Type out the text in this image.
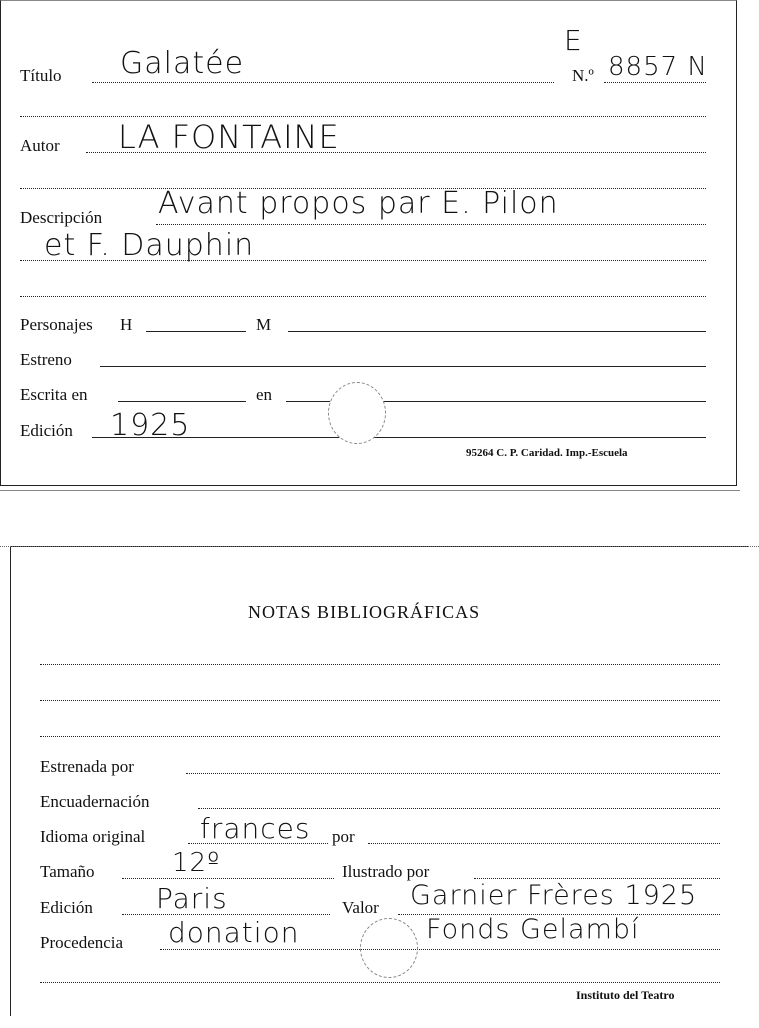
Título Galatée
E
N.º 8857 N
Autor LA FONTAINE
Descripción Avant propos par E. Pilon
et F. Dauphin
Personajes H	M
Estreno
Escrita en	en
Edición 1925
95264 C. P. Caridad. Imp.-Escuela
NOTAS BIBLIOGRÁFICAS
Estrenada por
Encuadernación
Idioma original frances por
Tamaño	12º	Ilustrado por
Edición Paris	Valor Garnier Frères 1925
Procedencia donation	Fonds Gelambí
Instituto del Teatro
